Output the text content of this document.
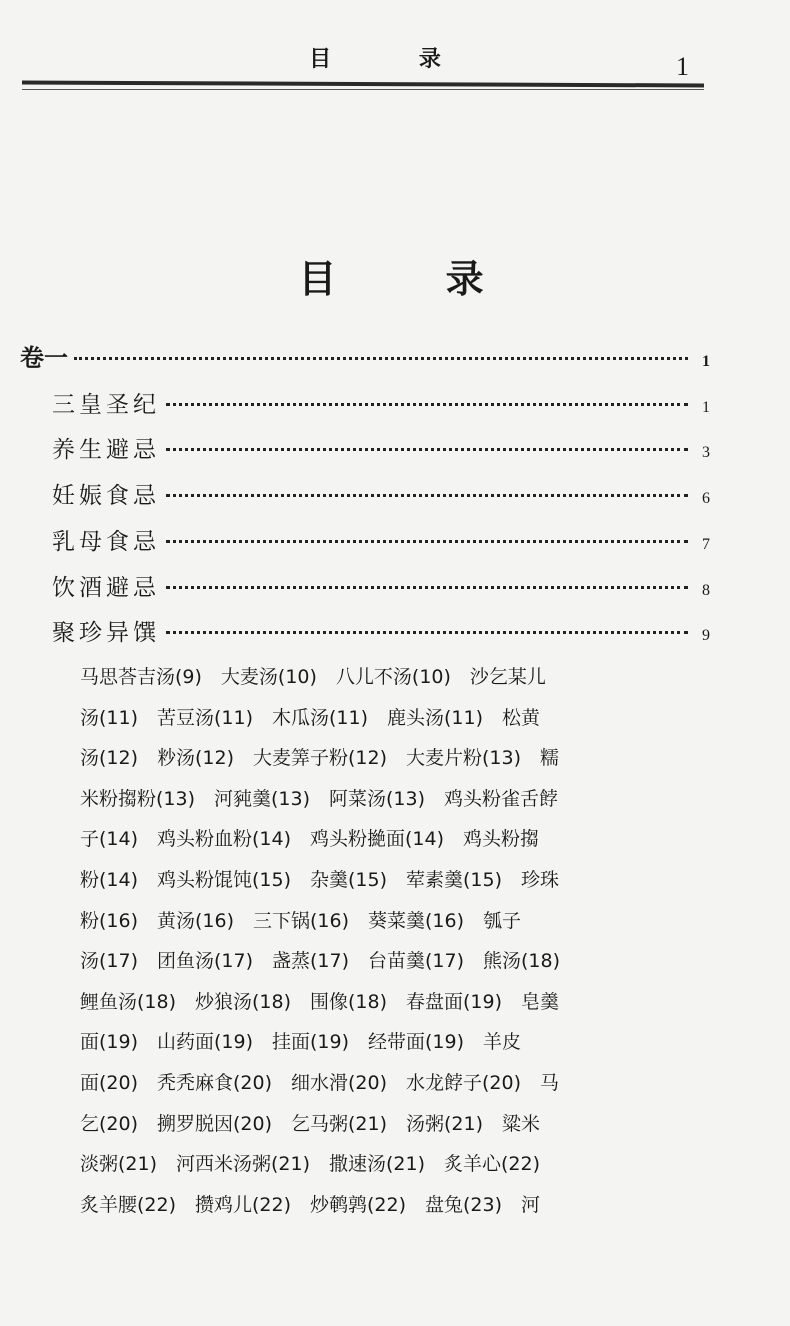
目 录	1
目 录
卷一	1
三皇圣纪	1
养生避忌	3
妊娠食忌	6
乳母食忌	7
饮酒避忌	8
聚珍异馔	9
马思荅吉汤(9)　大麦汤(10)　八儿不汤(10)　沙乞某儿
汤(11)　苦豆汤(11)　木瓜汤(11)　鹿头汤(11)　松黄
汤(12)　粆汤(12)　大麦筭子粉(12)　大麦片粉(13)　糯
米粉搊粉(13)　河豘羹(13)　阿菜汤(13)　鸡头粉雀舌餑
子(14)　鸡头粉血粉(14)　鸡头粉撧面(14)　鸡头粉搊
粉(14)　鸡头粉馄饨(15)　杂羹(15)　荤素羹(15)　珍珠
粉(16)　黄汤(16)　三下锅(16)　葵菜羹(16)　瓠子
汤(17)　团鱼汤(17)　盏蒸(17)　台苗羹(17)　熊汤(18)
鲤鱼汤(18)　炒狼汤(18)　围像(18)　春盘面(19)　皂羹
面(19)　山药面(19)　挂面(19)　经带面(19)　羊皮
面(20)　秃秃麻食(20)　细水滑(20)　水龙餑子(20)　马
乞(20)　搠罗脱因(20)　乞马粥(21)　汤粥(21)　粱米
淡粥(21)　河西米汤粥(21)　撒速汤(21)　炙羊心(22)
炙羊腰(22)　攒鸡儿(22)　炒鹌鹑(22)　盘兔(23)　河
